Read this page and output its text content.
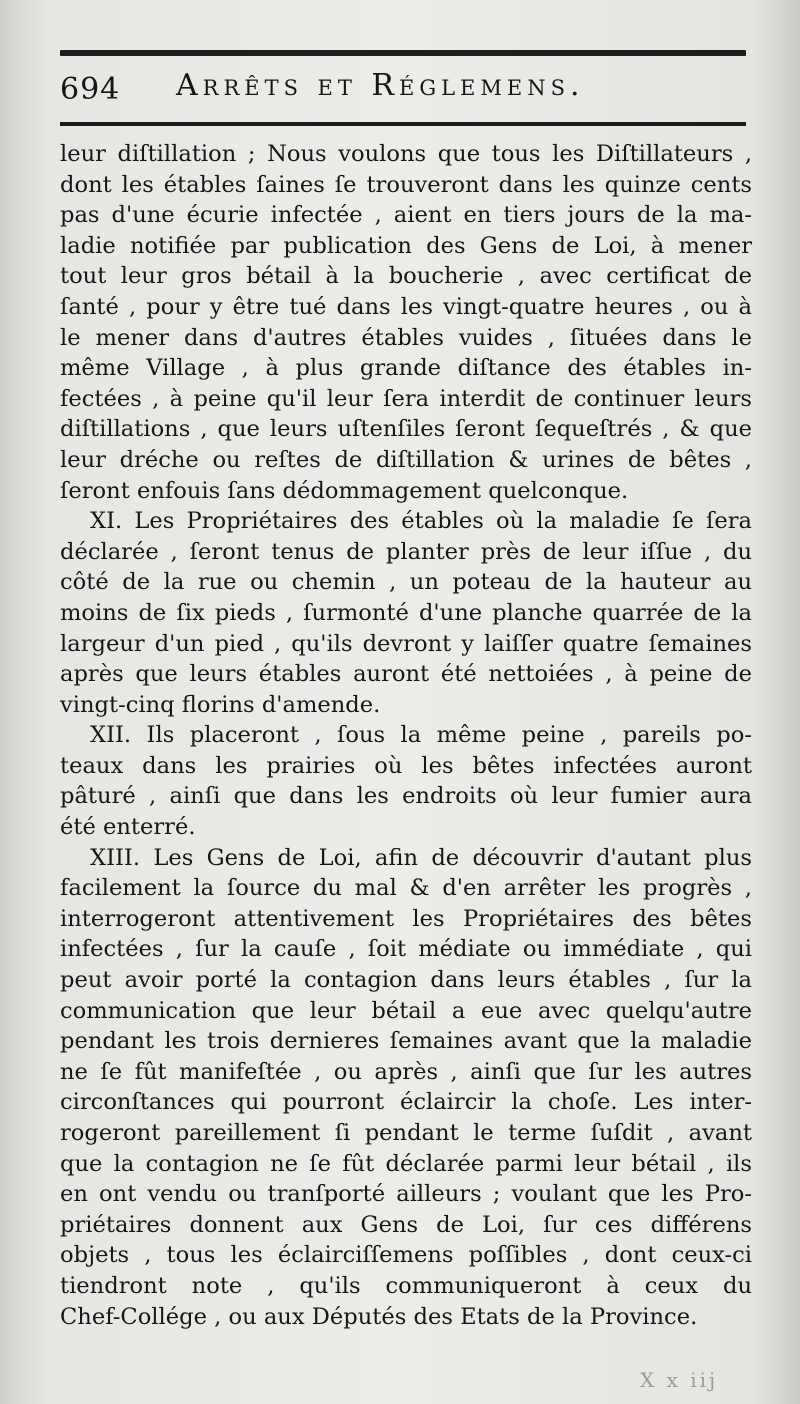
694 Arrêts et Réglemens.
leur diſtillation ; Nous voulons que tous les Diſtillateurs ,
dont les étables ſaines ſe trouveront dans les quinze cents
pas d'une écurie infectée , aient en tiers jours de la ma-
ladie notifiée par publication des Gens de Loi, à mener
tout leur gros bétail à la boucherie , avec certificat de
ſanté , pour y être tué dans les vingt-quatre heures , ou à
le mener dans d'autres étables vuides , ſituées dans le
même Village , à plus grande diſtance des étables in-
fectées , à peine qu'il leur ſera interdit de continuer leurs
diſtillations , que leurs uſtenſiles ſeront ſequeſtrés , & que
leur dréche ou reſtes de diſtillation & urines de bêtes ,
ſeront enfouis ſans dédommagement quelconque.
XI. Les Propriétaires des étables où la maladie ſe ſera
déclarée , ſeront tenus de planter près de leur iſſue , du
côté de la rue ou chemin , un poteau de la hauteur au
moins de ſix pieds , ſurmonté d'une planche quarrée de la
largeur d'un pied , qu'ils devront y laiſſer quatre ſemaines
après que leurs étables auront été nettoiées , à peine de
vingt-cinq florins d'amende.
XII. Ils placeront , ſous la même peine , pareils po-
teaux dans les prairies où les bêtes infectées auront
pâturé , ainſi que dans les endroits où leur fumier aura
été enterré.
XIII. Les Gens de Loi, afin de découvrir d'autant plus
facilement la ſource du mal & d'en arrêter les progrès ,
interrogeront attentivement les Propriétaires des bêtes
infectées , ſur la cauſe , ſoit médiate ou immédiate , qui
peut avoir porté la contagion dans leurs étables , ſur la
communication que leur bétail a eue avec quelqu'autre
pendant les trois dernieres ſemaines avant que la maladie
ne ſe fût manifeſtée , ou après , ainſi que ſur les autres
circonſtances qui pourront éclaircir la choſe. Les inter-
rogeront pareillement ſi pendant le terme ſuſdit , avant
que la contagion ne ſe fût déclarée parmi leur bétail , ils
en ont vendu ou tranſporté ailleurs ; voulant que les Pro-
priétaires donnent aux Gens de Loi, ſur ces différens
objets , tous les éclairciſſemens poſſibles , dont ceux-ci
tiendront note , qu'ils communiqueront à ceux du
Chef-Collége , ou aux Députés des Etats de la Province.
X x iij
